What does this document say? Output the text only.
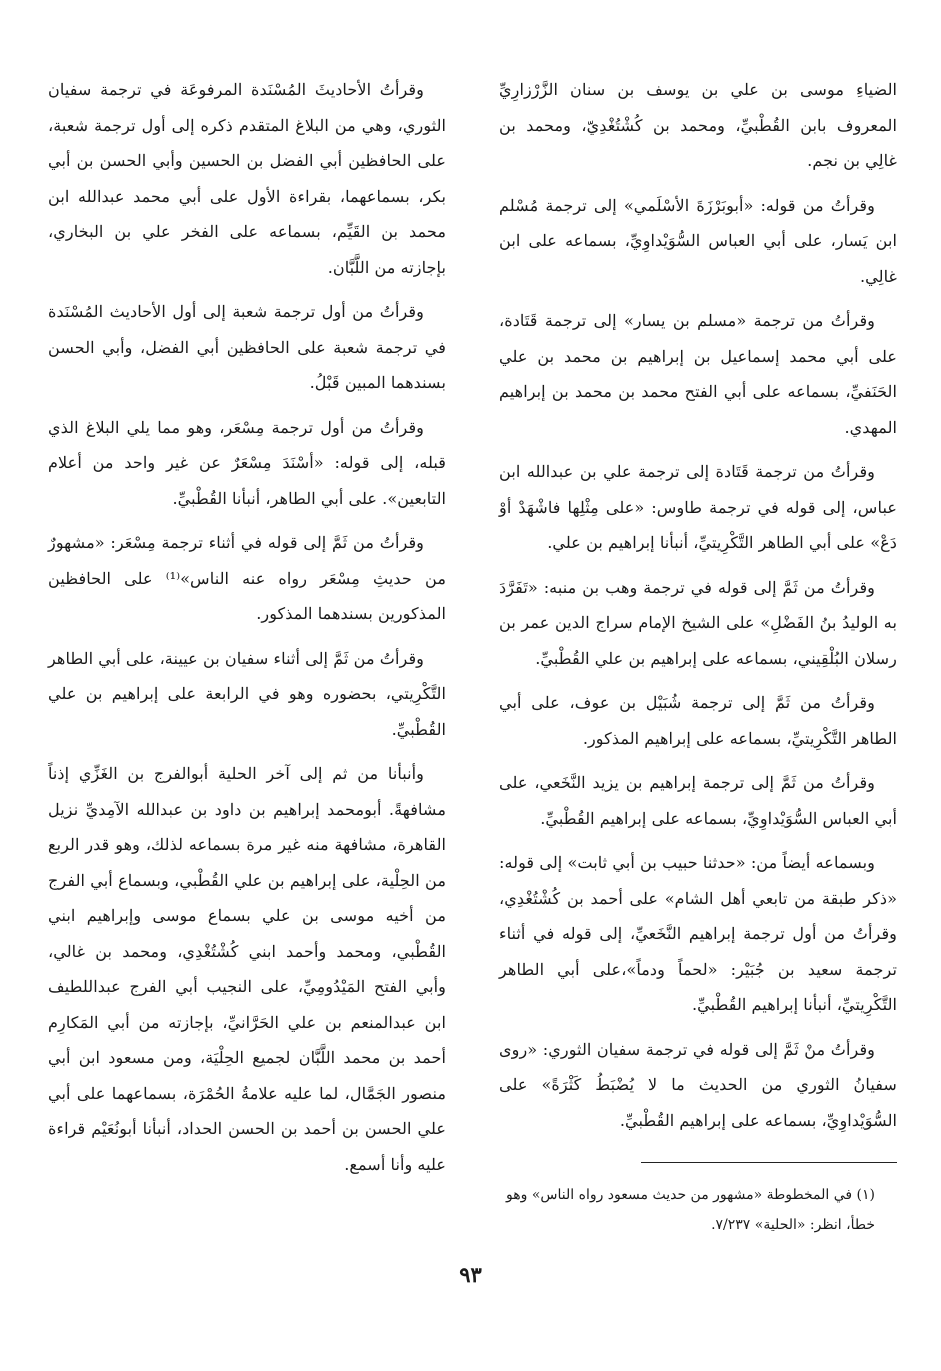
الضياءِ موسى بن علي بن يوسف بن سنان الزَّرْزارِيِّ المعروف بابن القُطْبيِّ، ومحمد بن كُشْتُغْدِيّ، ومحمد بن غالِي بن نجم.

وقرأتُ من قوله: «أبوبَرْزَةَ الأسْلَمي» إلى ترجمة مُسْلم ابن يَسار، على أبي العباس السُّوَيْداوِيِّ، بسماعه على ابن غالِي.

وقرأتُ من ترجمة «مسلم بن يسار» إلى ترجمة قَتَادة، على أبي محمد إسماعيل بن إبراهيم بن محمد بن علي الحَنَفيِّ، بسماعه على أبي الفتح محمد بن محمد بن إبراهيم المهدي.

وقرأتُ من ترجمة قَتَادة إلى ترجمة علي بن عبدالله ابن عباس، إلى قوله في ترجمة طاوس: «على مِثْلِها فاشْهَدْ أوْ دَعْ» على أبي الطاهر التَّكْرِيتيِّ، أنبأنا إبراهيم بن علي.

وقرأتُ من ثَمَّ إلى قوله في ترجمة وهب بن منبه: «تَفَرَّدَ به الوليدُ بنُ الفَضْلِ» على الشيخ الإمام سراج الدين عمر بن رسلان البُلْقِيني، بسماعه على إبراهيم بن علي القُطْبيِّ.

وقرأتُ من ثَمَّ إلى ترجمة شُبَيْل بن عوف، على أبي الطاهر التَّكْرِيتيِّ، بسماعه على إبراهيم المذكور.

وقرأتُ من ثَمَّ إلى ترجمة إبراهيم بن يزيد النَّخَعي، على أبي العباس السُّوَيْداوِيِّ، بسماعه على إبراهيم القُطْبيِّ.

وبسماعه أيضاً من: «حدثنا حبيب بن أبي ثابت» إلى قوله: «ذكر طبقة من تابعي أهل الشام» على أحمد بن كُشْتُغْدِي، وقرأتُ من أول ترجمة إبراهيم النَّخَعيِّ، إلى قوله في أثناء ترجمة سعيد بن جُبَيْر: «لحماً ودماً»،على أبي الطاهر التَّكْرِيتيِّ، أنبأنا إبراهيم القُطْبيِّ.

وقرأتُ منْ ثَمَّ إلى قوله في ترجمة سفيان الثوري: «روى سفيانُ الثوري من الحديث ما لا يُضْبَطُ كَثْرَةً» على السُّوَيْداوِيِّ، بسماعه على إبراهيم القُطْبيِّ.

وقرأتُ الأحاديثَ المُسْنَدة المرفوعَة في ترجمة سفيان الثوري، وهي من البلاغ المتقدم ذكره إلى أول ترجمة شعبة، على الحافظين أبي الفضل بن الحسين وأبي الحسن بن أبي بكر، بسماعهما، بقراءة الأول على أبي محمد عبدالله ابن محمد بن القَيِّم، بسماعه على الفخر علي بن البخاري، بإجازته من اللَّبَّان.

وقرأتُ من أول ترجمة شعبة إلى أول الأحاديث المُسْنَدة في ترجمة شعبة على الحافظين أبي الفضل، وأبي الحسن بسندهما المبين قَبْلُ.

وقرأتُ من أول ترجمة مِسْعَر، وهو مما يلي البلاغ الذي قبله، إلى قوله: «أسْنَدَ مِسْعَرٌ عن غير واحد من أعلام التابعين». على أبي الطاهر، أنبأنا القُطْبيِّ.

وقرأتُ من ثَمَّ إلى قوله في أثناء ترجمة مِسْعَر: «مشهورٌ من حديثِ مِسْعَر رواه عنه الناس»⁽¹⁾ على الحافظين المذكورين بسندهما المذكور.

وقرأتُ من ثَمَّ إلى أثناء سفيان بن عيينة، على أبي الطاهر التَّكْرِيتي، بحضوره وهو في الرابعة على إبراهيم بن علي القُطْبيِّ.

وأنبأنا من ثم إلى آخر الحلية أبوالفرج بن الغَزِّي إذناً مشافهةً. أبومحمد إبراهيم بن داود بن عبدالله الآمِديِّ نزيل القاهرة، مشافهة منه غير مرة بسماعه لذلك، وهو قدر الربع من الحِلْية، على إبراهيم بن علي القُطْبي، وبسماع أبي الفرج من أخيه موسى بن علي بسماع موسى وإبراهيم ابني القُطْبي، ومحمد وأحمد ابني كُشْتُغْدِي، ومحمد بن غالي، وأبي الفتح المَيْدُومِيِّ، على النجيب أبي الفرج عبداللطيف ابن عبدالمنعم بن علي الحَرَّانيِّ، بإجازته من أبي المَكارِم أحمد بن محمد اللَّبَّان لجميع الحِلْيَة، ومن مسعود ابن أبي منصور الجَمَّال، لما عليه علامةُ الحُمْرَة، بسماعهما على أبي علي الحسن بن أحمد بن الحسن الحداد، أنبأنا أبونُعَيْم قراءة عليه وأنا أسمع.

(١) في المخطوطة «مشهور من حديث مسعود رواه الناس» وهو

خطأ، انظر: «الحلية» ٧/٢٣٧.

٩٣
